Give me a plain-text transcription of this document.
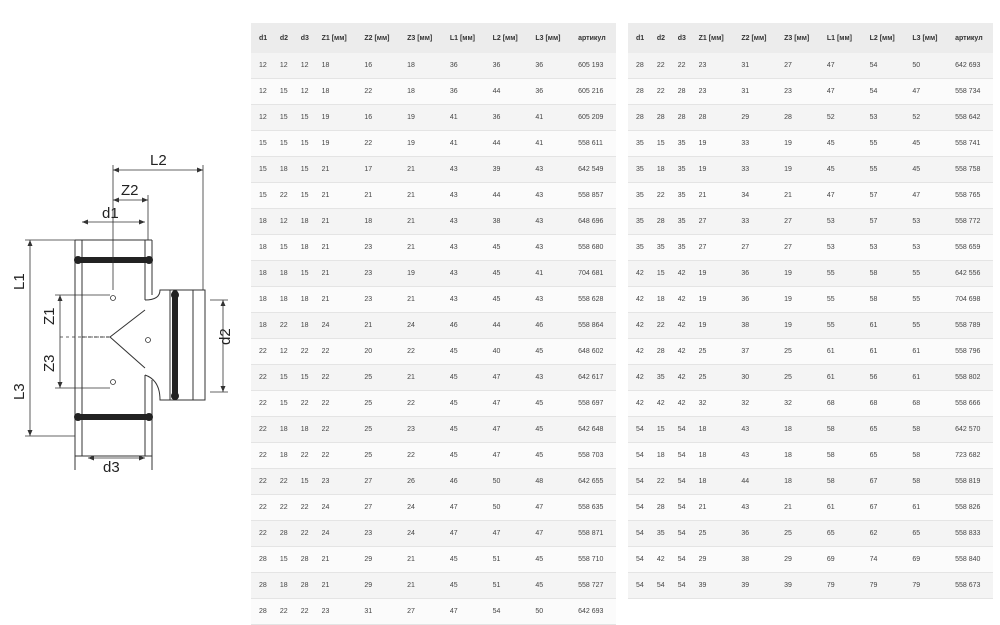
L2
Z2
d1
L1
Z1
Z3
L3
d2
d3
d1	d2	d3	Z1 [мм]	Z2 [мм]	Z3 [мм]	L1 [мм]	L2 [мм]	L3 [мм]	артикул
12	12	12	18	16	18	36	36	36	605 193
12	15	12	18	22	18	36	44	36	605 216
12	15	15	19	16	19	41	36	41	605 209
15	15	15	19	22	19	41	44	41	558 611
15	18	15	21	17	21	43	39	43	642 549
15	22	15	21	21	21	43	44	43	558 857
18	12	18	21	18	21	43	38	43	648 696
18	15	18	21	23	21	43	45	43	558 680
18	18	15	21	23	19	43	45	41	704 681
18	18	18	21	23	21	43	45	43	558 628
18	22	18	24	21	24	46	44	46	558 864
22	12	22	22	20	22	45	40	45	648 602
22	15	15	22	25	21	45	47	43	642 617
22	15	22	22	25	22	45	47	45	558 697
22	18	18	22	25	23	45	47	45	642 648
22	18	22	22	25	22	45	47	45	558 703
22	22	15	23	27	26	46	50	48	642 655
22	22	22	24	27	24	47	50	47	558 635
22	28	22	24	23	24	47	47	47	558 871
28	15	28	21	29	21	45	51	45	558 710
28	18	28	21	29	21	45	51	45	558 727
28	22	22	23	31	27	47	54	50	642 693
d1	d2	d3	Z1 [мм]	Z2 [мм]	Z3 [мм]	L1 [мм]	L2 [мм]	L3 [мм]	артикул
28	22	22	23	31	27	47	54	50	642 693
28	22	28	23	31	23	47	54	47	558 734
28	28	28	28	29	28	52	53	52	558 642
35	15	35	19	33	19	45	55	45	558 741
35	18	35	19	33	19	45	55	45	558 758
35	22	35	21	34	21	47	57	47	558 765
35	28	35	27	33	27	53	57	53	558 772
35	35	35	27	27	27	53	53	53	558 659
42	15	42	19	36	19	55	58	55	642 556
42	18	42	19	36	19	55	58	55	704 698
42	22	42	19	38	19	55	61	55	558 789
42	28	42	25	37	25	61	61	61	558 796
42	35	42	25	30	25	61	56	61	558 802
42	42	42	32	32	32	68	68	68	558 666
54	15	54	18	43	18	58	65	58	642 570
54	18	54	18	43	18	58	65	58	723 682
54	22	54	18	44	18	58	67	58	558 819
54	28	54	21	43	21	61	67	61	558 826
54	35	54	25	36	25	65	62	65	558 833
54	42	54	29	38	29	69	74	69	558 840
54	54	54	39	39	39	79	79	79	558 673
